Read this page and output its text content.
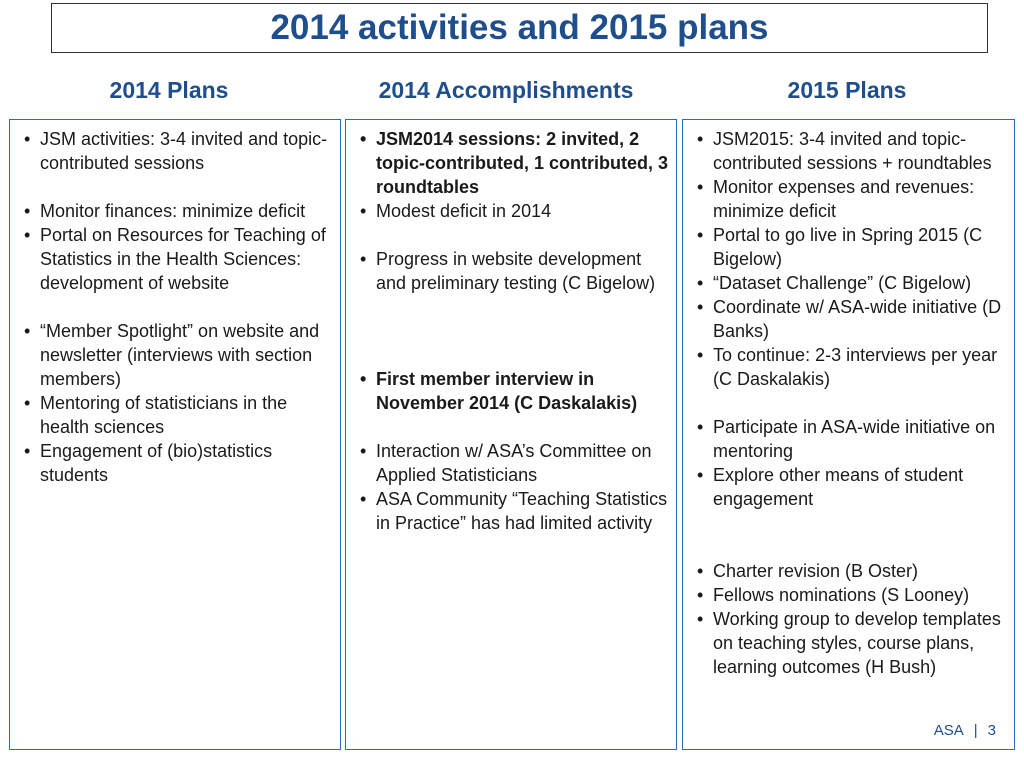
2014 activities and 2015 plans
2014 Plans	2014 Accomplishments	2015 Plans
• JSM activities: 3-4 invited and topic-contributed sessions
• Monitor finances: minimize deficit
• Portal on Resources for Teaching of Statistics in the Health Sciences: development of website
• “Member Spotlight” on website and newsletter (interviews with section members)
• Mentoring of statisticians in the health sciences
• Engagement of (bio)statistics students
• JSM2014 sessions: 2 invited, 2 topic-contributed, 1 contributed, 3 roundtables
• Modest deficit in 2014
• Progress in website development and preliminary testing (C Bigelow)
• First member interview in November 2014 (C Daskalakis)
• Interaction w/ ASA’s Committee on Applied Statisticians
• ASA Community “Teaching Statistics in Practice” has had limited activity
• JSM2015: 3-4 invited and topic-contributed sessions + roundtables
• Monitor expenses and revenues: minimize deficit
• Portal to go live in Spring 2015 (C Bigelow)
• “Dataset Challenge” (C Bigelow)
• Coordinate w/ ASA-wide initiative (D Banks)
• To continue: 2-3 interviews per year (C Daskalakis)
• Participate in ASA-wide initiative on mentoring
• Explore other means of student engagement
• Charter revision (B Oster)
• Fellows nominations (S Looney)
• Working group to develop templates on teaching styles, course plans, learning outcomes (H Bush)
ASA | 3
